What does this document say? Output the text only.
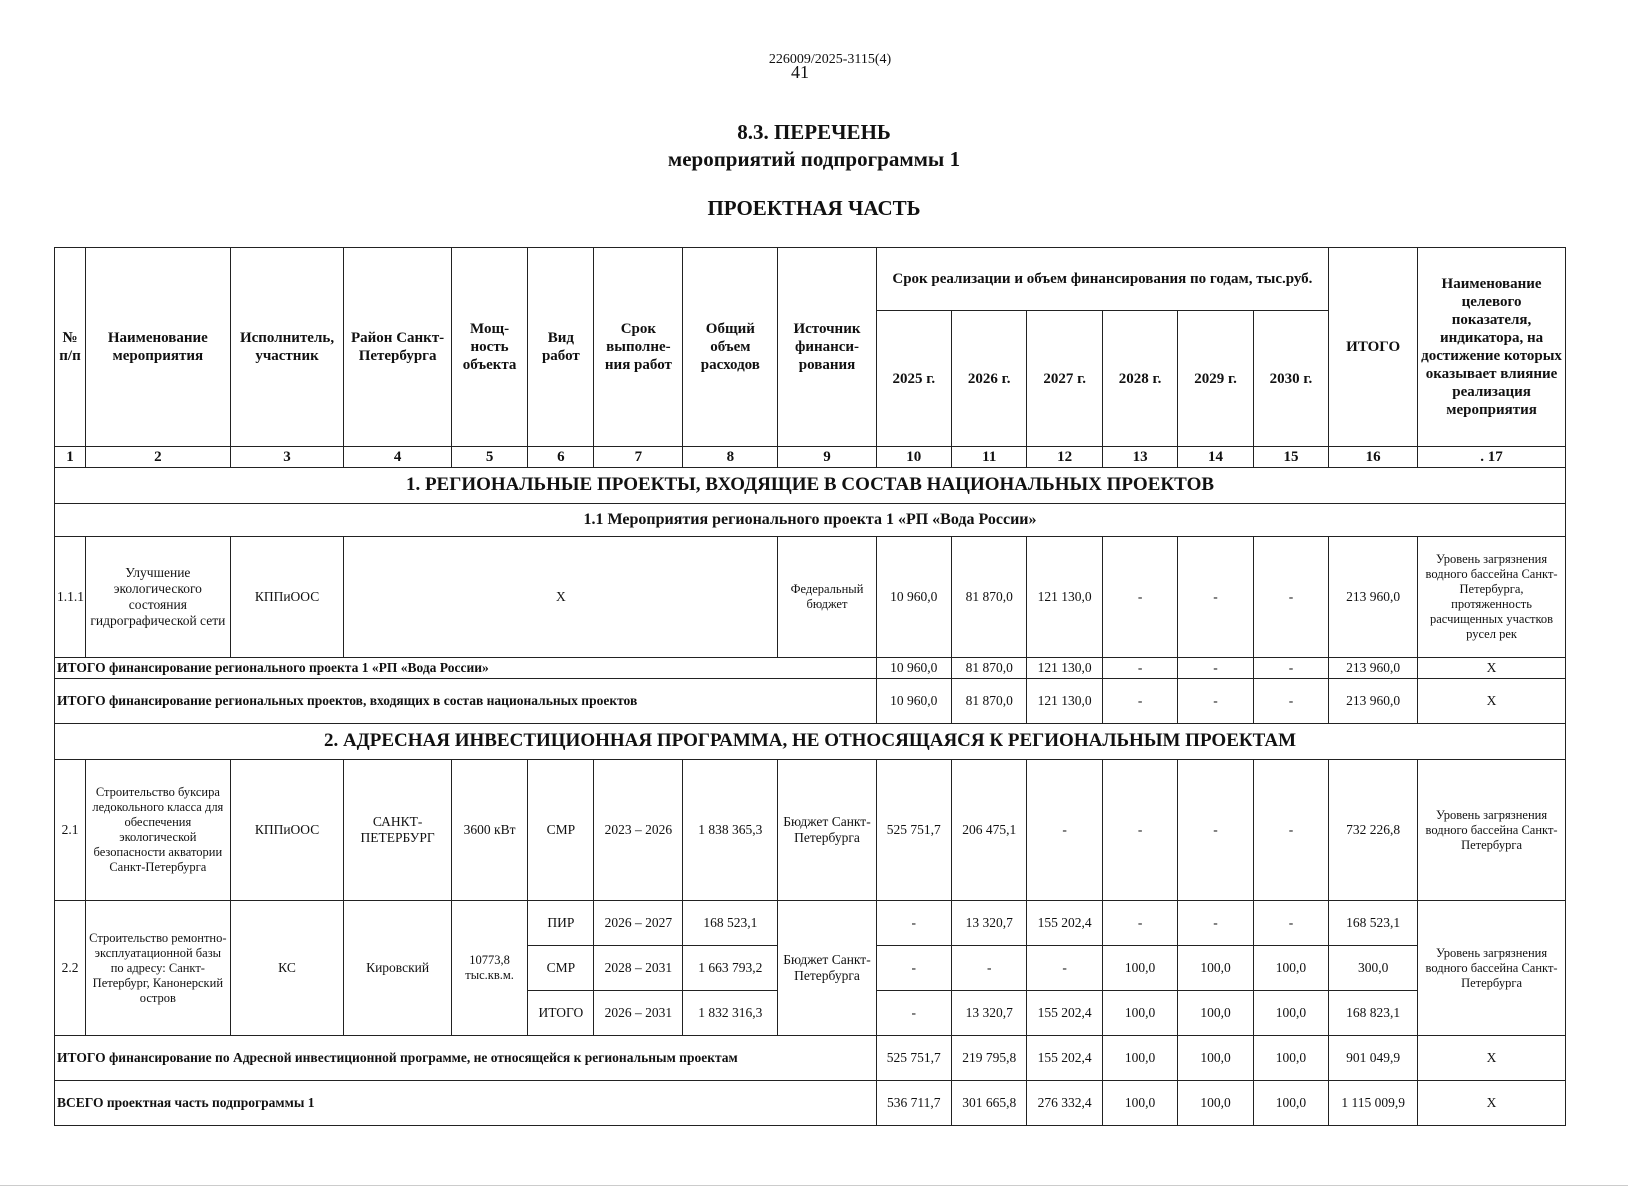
226009/2025-3115(4)
41
8.3. ПЕРЕЧЕНЬ
мероприятий подпрограммы 1
ПРОЕКТНАЯ ЧАСТЬ
№ п/п	Наименование мероприятия	Исполнитель, участник	Район Санкт-Петербурга	Мощ-ность объекта	Вид работ	Срок выполне-ния работ	Общий объем расходов	Источник финанси-рования	Срок реализации и объем финансирования по годам, тыс.руб.						ИТОГО	Наименование целевого показателя, индикатора, на достижение которых оказывает влияние реализация мероприятия
									2025 г.	2026 г.	2027 г.	2028 г.	2029 г.	2030 г.		
1	2	3	4	5	6	7	8	9	10	11	12	13	14	15	16	. 17
1. РЕГИОНАЛЬНЫЕ ПРОЕКТЫ, ВХОДЯЩИЕ В СОСТАВ НАЦИОНАЛЬНЫХ ПРОЕКТОВ																
1.1 Мероприятия регионального проекта 1 «РП «Вода России»																
1.1.1	Улучшение экологического состояния гидрографической сети	КППиООС	Х					Федеральный бюджет	10 960,0	81 870,0	121 130,0	-	-	-	213 960,0	Уровень загрязнения водного бассейна Санкт-Петербурга, протяженность расчищенных участков русел рек
ИТОГО финансирование регионального проекта 1 «РП «Вода России»									10 960,0	81 870,0	121 130,0	-	-	-	213 960,0	Х
ИТОГО финансирование региональных проектов, входящих в состав национальных проектов									10 960,0	81 870,0	121 130,0	-	-	-	213 960,0	Х
2. АДРЕСНАЯ ИНВЕСТИЦИОННАЯ ПРОГРАММА, НЕ ОТНОСЯЩАЯСЯ К РЕГИОНАЛЬНЫМ ПРОЕКТАМ																
2.1	Строительство буксира ледокольного класса для обеспечения экологической безопасности акватории Санкт-Петербурга	КППиООС	САНКТ-ПЕТЕРБУРГ	3600 кВт	СМР	2023 – 2026	1 838 365,3	Бюджет Санкт-Петербурга	525 751,7	206 475,1	-	-	-	-	732 226,8	Уровень загрязнения водного бассейна Санкт-Петербурга
2.2	Строительство ремонтно-эксплуатационной базы по адресу: Санкт-Петербург, Канонерский остров	КС	Кировский	10773,8 тыс.кв.м.	ПИР	2026 – 2027	168 523,1	Бюджет Санкт-Петербурга	-	13 320,7	155 202,4	-	-	-	168 523,1	Уровень загрязнения водного бассейна Санкт-Петербурга
					СМР	2028 – 2031	1 663 793,2		-	-	-	100,0	100,0	100,0	300,0	
					ИТОГО	2026 – 2031	1 832 316,3		-	13 320,7	155 202,4	100,0	100,0	100,0	168 823,1	
ИТОГО финансирование по Адресной инвестиционной программе, не относящейся к региональным проектам									525 751,7	219 795,8	155 202,4	100,0	100,0	100,0	901 049,9	Х
ВСЕГО проектная часть подпрограммы 1									536 711,7	301 665,8	276 332,4	100,0	100,0	100,0	1 115 009,9	Х
